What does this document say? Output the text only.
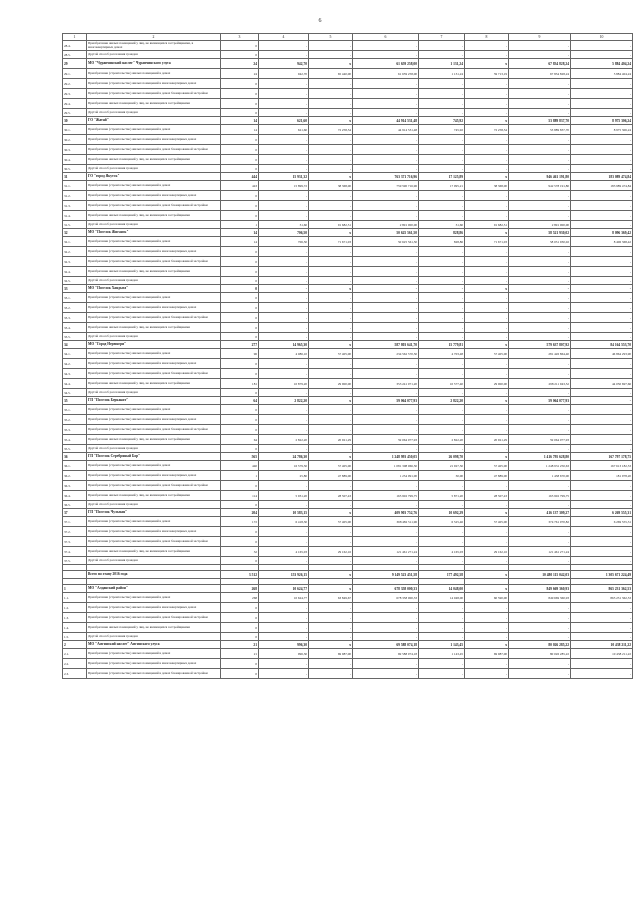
6
1	2	3	4	5	6	7	8	9	10
28.4.	Приобретение жилых помещений у лиц, не являющихся застройщиками, в многоквартирных домах	0	-	-	-	-	-	-	-
28.5.	Другой способ расселения граждан	0	-	-	-	-	-	-	-
29	МО "Чурапчинский наслег" Чурапчинского улуса	24	942,70	x	61 659 258,00	1 131,24	x	67 834 828,24	5 884 404,24
29.1.	Приобретение (строительство) жилых помещений в домах	24	942,70	65 440,00	61 659 258,00	1 131,24	59 713,19	67 834 828,24	5 884 404,24
29.2.	Приобретение (строительство) жилых помещений в многоквартирных домах	0	-	-	-	-	-	-	-
29.3.	Приобретение (строительство) жилых помещений в домах блокированной застройки	0	-	-	-	-	-	-	-
29.4.	Приобретение жилых помещений у лиц, не являющихся застройщиками	0	-	-	-	-	-	-	-
29.5.	Другой способ расселения граждан	0	-	-	-	-	-	-	-
30	ГО "Жатай"	14	621,60	x	44 914 531,48	745,92	x	53 889 837,70	8 975 306,24
30.1.	Приобретение (строительство) жилых помещений в домах	14	621,60	72 258,54	44 914 531,48	745,92	72 258,54	53 889 837,70	8 975 306,24
30.2.	Приобретение (строительство) жилых помещений в многоквартирных домах	0	-	-	-	-	-	-	-
30.3.	Приобретение (строительство) жилых помещений в домах блокированной застройки	0	-	-	-	-	-	-	-
30.4.	Приобретение жилых помещений у лиц, не являющихся застройщиками	0	-	-	-	-	-	-	-
30.5.	Другой способ расселения граждан	0	-	-	-	-	-	-	-
31	ГО "город Якутск"	444	15 931,32	x	763 371 716,96	17 125,89	x	946 461 191,80	183 089 474,84
31.1.	Приобретение (строительство) жилых помещений в домах	443	15 899,72	38 368,00	759 590 716,96	17 095,21	38 368,00	942 578 191,80	183 989 474,84
31.2.	Приобретение (строительство) жилых помещений в многоквартирных домах	0	-	-	-	-	-	-	-
31.3.	Приобретение (строительство) жилых помещений в домах блокированной застройки	0	-	-	-	-	-	-	-
31.4.	Приобретение жилых помещений у лиц, не являющихся застройщиками	0	-	-	-	-	-	-	-
31.5.	Другой способ расселения граждан	1	31,60	91 682,51	2 891 000,00	31,60	91 682,51	2 891 000,00	-
32	МО "Поселок Жиганск"	14	706,50	x	50 625 561,50	828,86	x	58 521 930,02	8 096 369,42
32.1.	Приобретение (строительство) жилых помещений в домах	14	706,50	71 671,03	50 625 561,50	828,86	71 671,03	58 031 930,02	8 406 368,42
32.2.	Приобретение (строительство) жилых помещений в многоквартирных домах	0	-	-	-	-	-	-	-
32.3.	Приобретение (строительство) жилых помещений в домах блокированной застройки	0	-	-	-	-	-	-	-
32.4.	Приобретение жилых помещений у лиц, не являющихся застройщиками	0	-	-	-	-	-	-	-
32.5.	Другой способ расселения граждан	0	-	-	-	-	-	-	-
33	МО "Поселок Хандыга"	0	-	x	-	-	x	-	-
33.1.	Приобретение (строительство) жилых помещений в домах	0	-	-	-	-	-	-	-
33.2.	Приобретение (строительство) жилых помещений в многоквартирных домах	0	-	-	-	-	-	-	-
33.3.	Приобретение (строительство) жилых помещений в домах блокированной застройки	0	-	-	-	-	-	-	-
33.4.	Приобретение жилых помещений у лиц, не являющихся застройщиками	0	-	-	-	-	-	-	-
33.5.	Другой способ расселения граждан	0	-	-	-	-	-	-	-
34	МО "Город Нерюнгри"	277	14 965,30	x	587 803 641,70	15 779,81	x	579 637 807,92	84 164 553,70
34.1.	Приобретение (строительство) жилых помещений в домах	96	4 086,10	57 405,00	234 562 570,50	4 703,48	57 405,00	281 426 864,40	46 864 293,90
34.2.	Приобретение (строительство) жилых помещений в многоквартирных домах	0	-	-	-	-	-	-	-
34.3.	Приобретение (строительство) жилых помещений в домах блокированной застройки	0	-	-	-	-	-	-	-
34.4.	Приобретение жилых помещений у лиц, не являющихся застройщиками	181	10 879,20	29 900,00	353 241 071,20	10 577,40	29 900,00	298 211 943,52	44 050 697,66
34.5.	Другой способ расселения граждан	0	-	-	-	-	-	-	-
35	ГП "Поселок Беркакит"	64	2 822,20	x	59 064 077,93	2 822,20	x	59 064 077,93	-
35.1.	Приобретение (строительство) жилых помещений в домах	0	-	-	-	-	-	-	-
35.2.	Приобретение (строительство) жилых помещений в многоквартирных домах	0	-	-	-	-	-	-	-
35.3.	Приобретение (строительство) жилых помещений в домах блокированной застройки	0	-	-	-	-	-	-	-
35.4.	Приобретение жилых помещений у лиц, не являющихся застройщиками	64	2 822,20	20 921,29	59 064 077,93	2 822,20	20 921,29	59 064 077,93	-
35.5.	Другой способ расселения граждан	0	-	-	-	-	-	-	-
36	ГП "Поселок Серебряный Бор"	565	24 786,30	x	1 248 993 450,05	26 098,70	x	1 416 795 628,80	167 797 178,75
36.1.	Приобретение (строительство) жилых помещений в домах	440	16 579,50	57 405,00	1 081 308 066,50	21 927,50	57 405,00	1 248 931 250,63	167 613 182,53
36.2.	Приобретение (строительство) жилых помещений в многоквартирных домах	1	25,80	47 889,00	1 254 091,00	30,00	47 889,00	1 438 670,00	181 978,20
36.3.	Приобретение (строительство) жилых помещений в домах блокированной застройки	0	-	-	-	-	-	-	-
36.4.	Приобретение жилых помещений у лиц, не являющихся застройщиками	114	5 931,20	28 507,43	165 902 799,75	5 871,20	28 507,43	165 902 799,75	-
36.5.	Другой способ расселения граждан	0	-	-	-	-	-	-	-
37	ГП "Поселок Чульман"	204	10 583,15	x	409 903 752,76	10 692,29	x	416 137 309,27	6 269 555,31
37.1.	Приобретение (строительство) жилых помещений в домах	172	6 418,30	57 405,00	368 482 511,96	6 525,46	57 405,00	374 761 070,82	6 269 555,31
37.2.	Приобретение (строительство) жилых помещений в многоквартирных домах	0	-	-	-	-	-	-	-
37.3.	Приобретение (строительство) жилых помещений в домах блокированной застройки	0	-	-	-	-	-	-	-
37.4.	Приобретение жилых помещений у лиц, не являющихся застройщиками	32	4 165,03	29 162,16	121 461 271,24	4 165,03	29 162,16	121 461 271,24	-
37.5.	Другой способ расселения граждан	0	-	-	-	-	-	-	-

	Всего по этапу 2016 года	3 512	153 926,15	x	9 149 523 451,58	177 492,58	x	10 480 115 042,03	1 305 671 224,49

1	МО "Алданский район"	268	10 624,77	x	678 358 000,33	14 048,00	x	849 669 360,93	865 231 362,53
1.1.	Приобретение (строительство) жилых помещений в домах	268	10 624,77	63 849,67	678 358 000,33	14 048,00	60 590,00	849 669 360,93	865 231 362,53
1.2.	Приобретение (строительство) жилых помещений в многоквартирных домах	0	-	-	-	-	-	-	-
1.3.	Приобретение (строительство) жилых помещений в домах блокированной застройки	0	-	-	-	-	-	-	-
1.4.	Приобретение жилых помещений у лиц, не являющихся застройщиками	0	-	-	-	-	-	-	-
1.5.	Другой способ расселения граждан	0	-	-	-	-	-	-	-
2	МО "Амгинский наслег" Амгинского улуса	21	996,30	x	69 588 074,18	1 143,45	x	80 026 285,22	10 438 211,22
2.1.	Приобретение (строительство) жилых помещений в домах	21	996,30	69 987,00	69 588 074,18	1 143,45	69 987,00	80 026 285,22	10 438 211,22
2.2.	Приобретение (строительство) жилых помещений в многоквартирных домах	0	-	-	-	-	-	-	-
2.3.	Приобретение (строительство) жилых помещений в домах блокированной застройки	0	-	-	-	-	-	-	-
